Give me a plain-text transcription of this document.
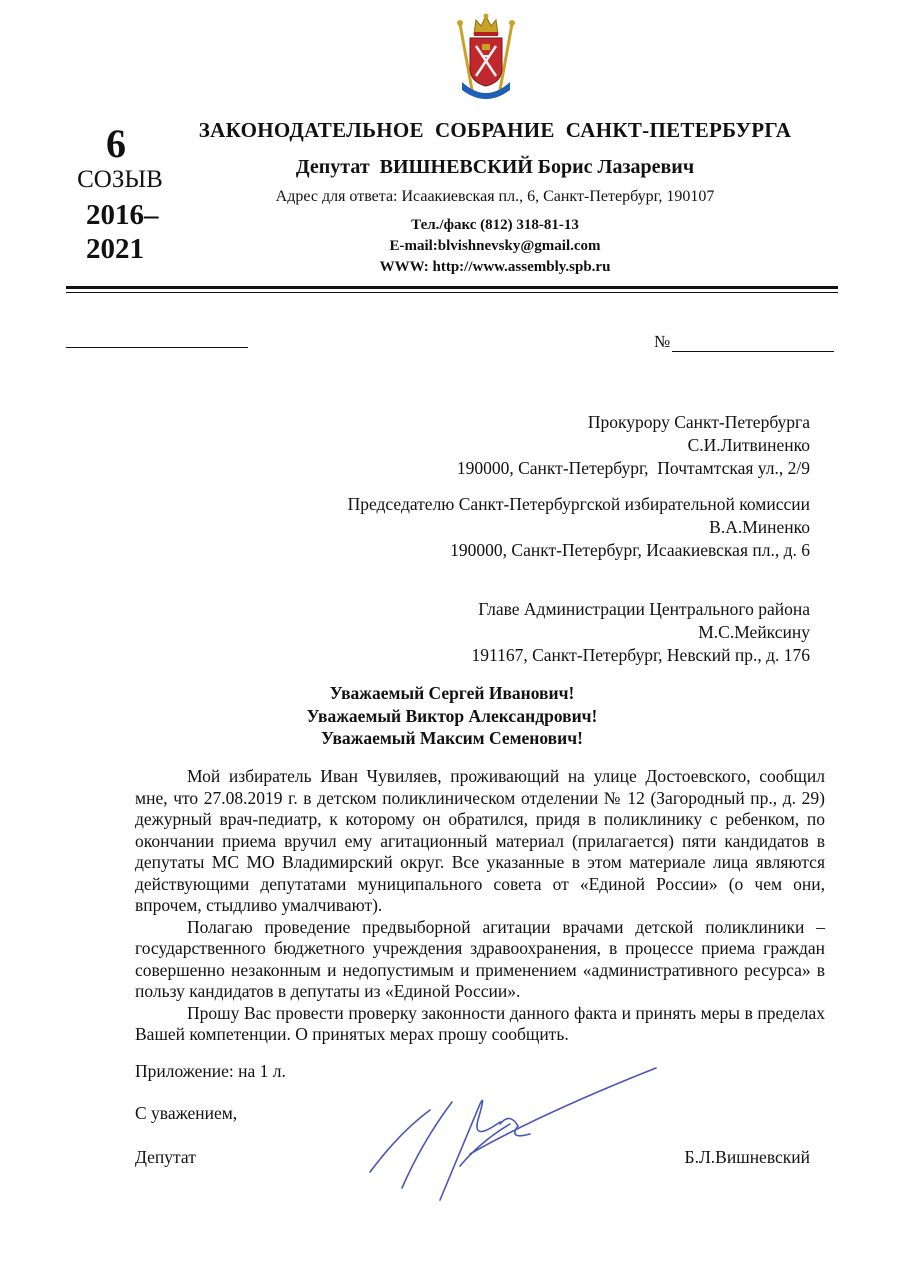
6
СОЗЫВ
2016–
2021
ЗАКОНОДАТЕЛЬНОЕ  СОБРАНИЕ  САНКТ-ПЕТЕРБУРГА
Депутат  ВИШНЕВСКИЙ Борис Лазаревич
Адрес для ответа: Исаакиевская пл., 6, Санкт-Петербург, 190107
Тел./факс (812) 318-81-13
E-mail:blvishnevsky@gmail.com
WWW: http://www.assembly.spb.ru
№
Прокурору Санкт-Петербурга
С.И.Литвиненко
190000, Санкт-Петербург,  Почтамтская ул., 2/9
Председателю Санкт-Петербургской избирательной комиссии
В.А.Миненко
190000, Санкт-Петербург, Исаакиевская пл., д. 6
Главе Администрации Центрального района
М.С.Мейксину
191167, Санкт-Петербург, Невский пр., д. 176
Уважаемый Сергей Иванович!
Уважаемый Виктор Александрович!
Уважаемый Максим Семенович!

Мой избиратель Иван Чувиляев, проживающий на улице Достоевского, сообщил мне, что 27.08.2019 г. в детском поликлиническом отделении № 12 (Загородный пр., д. 29) дежурный врач-педиатр, к которому он обратился, придя в поликлинику с ребенком, по окончании приема вручил ему агитационный материал (прилагается) пяти кандидатов в депутаты МС МО Владимирский округ. Все указанные в этом материале лица являются действующими депутатами муниципального совета от «Единой России» (о чем они, впрочем, стыдливо умалчивают).

Полагаю проведение предвыборной агитации врачами детской поликлиники – государственного бюджетного учреждения здравоохранения, в процессе приема граждан совершенно незаконным и недопустимым и применением «административного ресурса» в пользу кандидатов в депутаты из «Единой России».

Прошу Вас провести проверку законности данного факта и принять меры в пределах Вашей компетенции. О принятых мерах прошу сообщить.

Приложение: на 1 л.
С уважением,
Депутат	Б.Л.Вишневский
